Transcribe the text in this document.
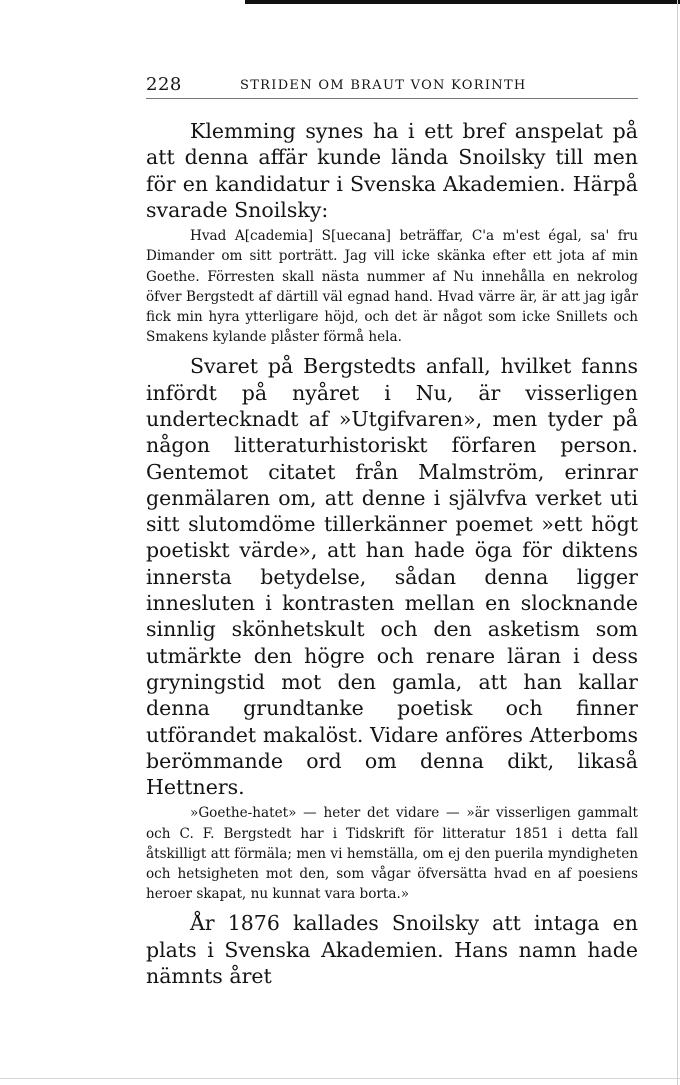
228	STRIDEN OM BRAUT VON KORINTH

Klemming synes ha i ett bref anspelat på att denna affär kunde lända Snoilsky till men för en kandidatur i Svenska Akademien. Härpå svarade Snoilsky:

Hvad A[cademia] S[uecana] beträffar, C'a m'est égal, sa' fru Dimander om sitt porträtt. Jag vill icke skänka efter ett jota af min Goethe. Förresten skall nästa nummer af Nu innehålla en nekrolog öfver Bergstedt af därtill väl egnad hand. Hvad värre är, är att jag igår fick min hyra ytterligare höjd, och det är något som icke Snillets och Smakens kylande plåster förmå hela.

Svaret på Bergstedts anfall, hvilket fanns infördt på nyåret i Nu, är visserligen undertecknadt af »Utgifvaren», men tyder på någon litteraturhistoriskt förfaren person. Gentemot citatet från Malmström, erinrar genmälaren om, att denne i självfva verket uti sitt slutomdöme tillerkänner poemet »ett högt poetiskt värde», att han hade öga för diktens innersta betydelse, sådan denna ligger innesluten i kontrasten mellan en slocknande sinnlig skönhetskult och den asketism som utmärkte den högre och renare läran i dess gryningstid mot den gamla, att han kallar denna grundtanke poetisk och finner utförandet makalöst. Vidare anföres Atterboms berömmande ord om denna dikt, likaså Hettners.

»Goethe-hatet» — heter det vidare — »är visserligen gammalt och C. F. Bergstedt har i Tidskrift för litteratur 1851 i detta fall åtskilligt att förmäla; men vi hemställa, om ej den puerila myndigheten och hetsigheten mot den, som vågar öfversätta hvad en af poesiens heroer skapat, nu kunnat vara borta.»

År 1876 kallades Snoilsky att intaga en plats i Svenska Akademien. Hans namn hade nämnts året
